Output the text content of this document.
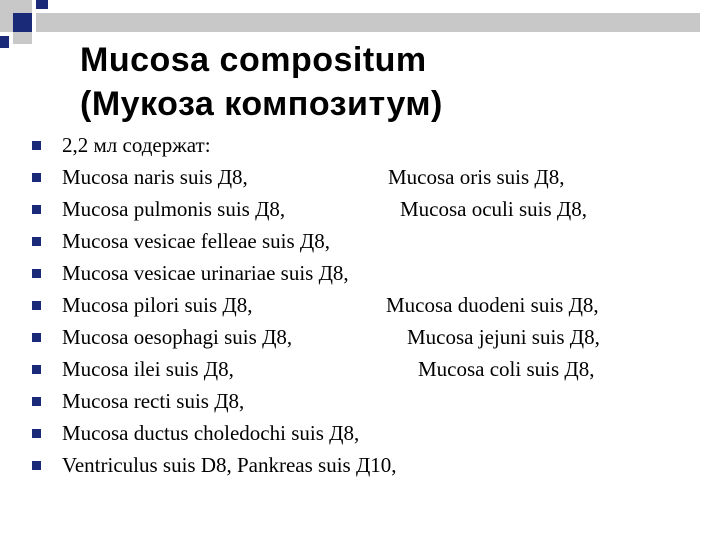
Mucosa compositum
(Мукоза композитум)
2,2 мл содержат:
Mucosa naris suis Д8,	Mucosa oris suis Д8,
Mucosa pulmonis suis Д8,	Mucosa oculi suis Д8,
Mucosa vesicae felleae suis Д8,
Mucosa vesicae urinariae suis Д8,
Mucosa pilori suis Д8,	Mucosa duodeni suis Д8,
Mucosa oesophagi suis Д8,	Mucosa jejuni suis Д8,
Mucosa ilei suis Д8,	Mucosa coli suis Д8,
Mucosa recti suis Д8,
Mucosa ductus choledochi suis Д8,
Ventriculus suis D8, Pankreas suis Д10,
